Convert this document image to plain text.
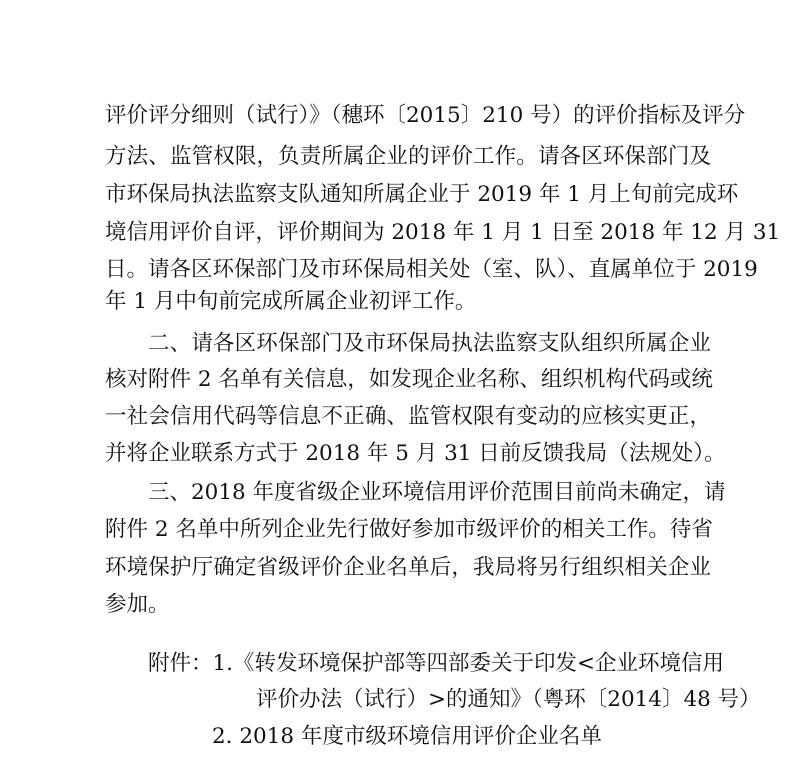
评价评分细则（试行）》（穗环〔2015〕210 号）的评价指标及评分
方法、监管权限，负责所属企业的评价工作。请各区环保部门及
市环保局执法监察支队通知所属企业于 2019 年 1 月上旬前完成环
境信用评价自评，评价期间为 2018 年 1 月 1 日至 2018 年 12 月 31
日。请各区环保部门及市环保局相关处（室、队）、直属单位于 2019
年 1 月中旬前完成所属企业初评工作。
二、请各区环保部门及市环保局执法监察支队组织所属企业
核对附件 2 名单有关信息，如发现企业名称、组织机构代码或统
一社会信用代码等信息不正确、监管权限有变动的应核实更正，
并将企业联系方式于 2018 年 5 月 31 日前反馈我局（法规处）。
三、2018 年度省级企业环境信用评价范围目前尚未确定，请
附件 2 名单中所列企业先行做好参加市级评价的相关工作。待省
环境保护厅确定省级评价企业名单后，我局将另行组织相关企业
参加。
附件：1.《转发环境保护部等四部委关于印发<企业环境信用
评价办法（试行）>的通知》（粤环〔2014〕48 号）
2. 2018 年度市级环境信用评价企业名单
